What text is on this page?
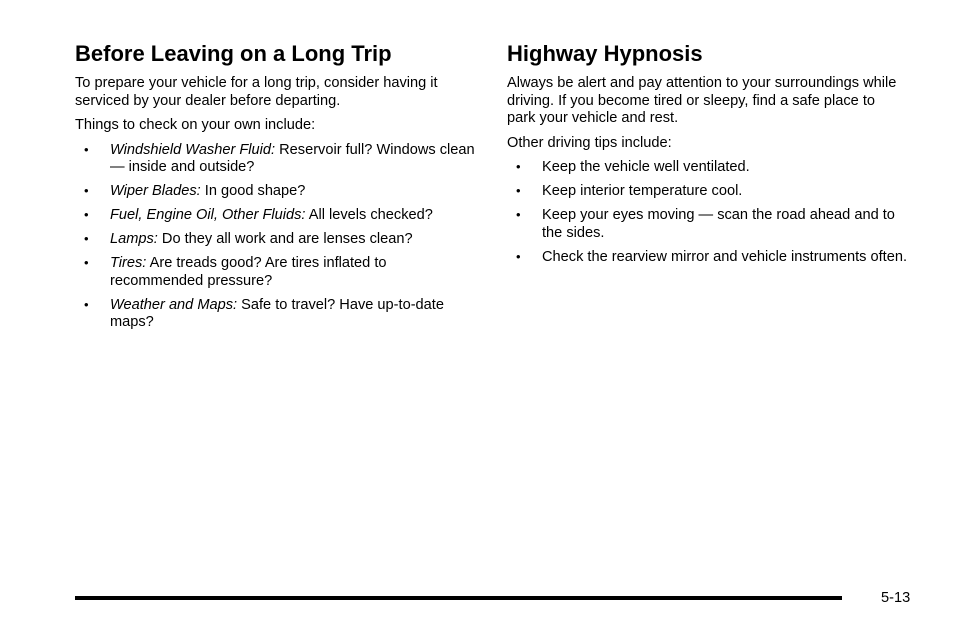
Before Leaving on a Long Trip

To prepare your vehicle for a long trip, consider having it serviced by your dealer before departing.

Things to check on your own include:

• Windshield Washer Fluid: Reservoir full? Windows clean — inside and outside?
• Wiper Blades: In good shape?
• Fuel, Engine Oil, Other Fluids: All levels checked?
• Lamps: Do they all work and are lenses clean?
• Tires: Are treads good? Are tires inflated to recommended pressure?
• Weather and Maps: Safe to travel? Have up-to-date maps?
Highway Hypnosis

Always be alert and pay attention to your surroundings while driving. If you become tired or sleepy, find a safe place to park your vehicle and rest.

Other driving tips include:

• Keep the vehicle well ventilated.
• Keep interior temperature cool.
• Keep your eyes moving — scan the road ahead and to the sides.
• Check the rearview mirror and vehicle instruments often.
5-13
